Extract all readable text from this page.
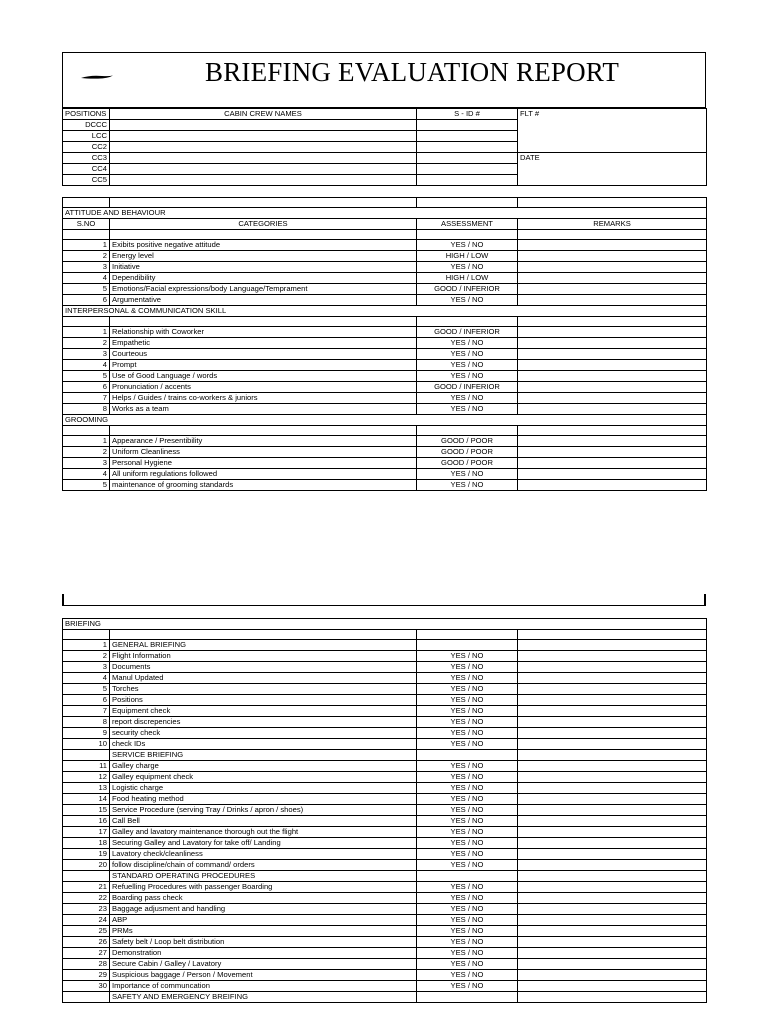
BRIEFING EVALUATION REPORT
POSITIONS	CABIN CREW NAMES	S - ID #	FLT #
DCCC			
LCC			
CC2			
CC3			DATE
CC4			
CC5			

ATTITUDE AND BEHAVIOUR			
S.NO	CATEGORIES	ASSESSMENT	REMARKS

1	Exibits positive negative attitude	YES / NO	
2	Energy level	HIGH / LOW	
3	Initiative	YES / NO	
4	Dependibility	HIGH / LOW	
5	Emotions/Facial expressions/body Language/Temprament	GOOD / INFERIOR	
6	Argumentative	YES / NO	
INTERPERSONAL & COMMUNICATION SKILL			

1	Relationship with Coworker	GOOD / INFERIOR	
2	Empathetic	YES / NO	
3	Courteous	YES / NO	
4	Prompt	YES / NO	
5	Use of Good Language / words	YES / NO	
6	Pronunciation / accents	GOOD / INFERIOR	
7	Helps / Guides / trains co-workers & juniors	YES / NO	
8	Works as a team	YES / NO	
GROOMING			

1	Appearance / Presentibility	GOOD / POOR	
2	Uniform Cleanliness	GOOD / POOR	
3	Personal Hygiene	GOOD / POOR	
4	All uniform regulations followed	YES / NO	
5	maintenance of grooming standards	YES / NO	
BRIEFING			

1	GENERAL BRIEFING		
2	Flight Information	YES / NO	
3	Documents	YES / NO	
4	Manul Updated	YES / NO	
5	Torches	YES / NO	
6	Positions	YES / NO	
7	Equipment check	YES / NO	
8	report discrepencies	YES / NO	
9	security check	YES / NO	
10	check IDs	YES / NO	
	SERVICE BRIEFING		
11	Galley charge	YES / NO	
12	Galley equipment check	YES / NO	
13	Logistic charge	YES / NO	
14	Food heating method	YES / NO	
15	Service Procedure (serving Tray / Drinks / apron / shoes)	YES / NO	
16	Call Bell	YES / NO	
17	Galley and lavatory maintenance thorough out the flight	YES / NO	
18	Securing Galley and Lavatory for take off/ Landing	YES / NO	
19	Lavatory check/cleanliness	YES / NO	
20	follow discipline/chain of command/ orders	YES / NO	
	STANDARD OPERATING PROCEDURES		
21	Refuelling Procedures with passenger Boarding	YES / NO	
22	Boarding pass check	YES / NO	
23	Baggage adjusment and handling	YES / NO	
24	ABP	YES / NO	
25	PRMs	YES / NO	
26	Safety belt / Loop belt distribution	YES / NO	
27	Demonstration	YES / NO	
28	Secure Cabin / Galley / Lavatory	YES / NO	
29	Suspicious baggage / Person / Movement	YES / NO	
30	Importance of communcation	YES / NO	
	SAFETY AND EMERGENCY BREIFING		
